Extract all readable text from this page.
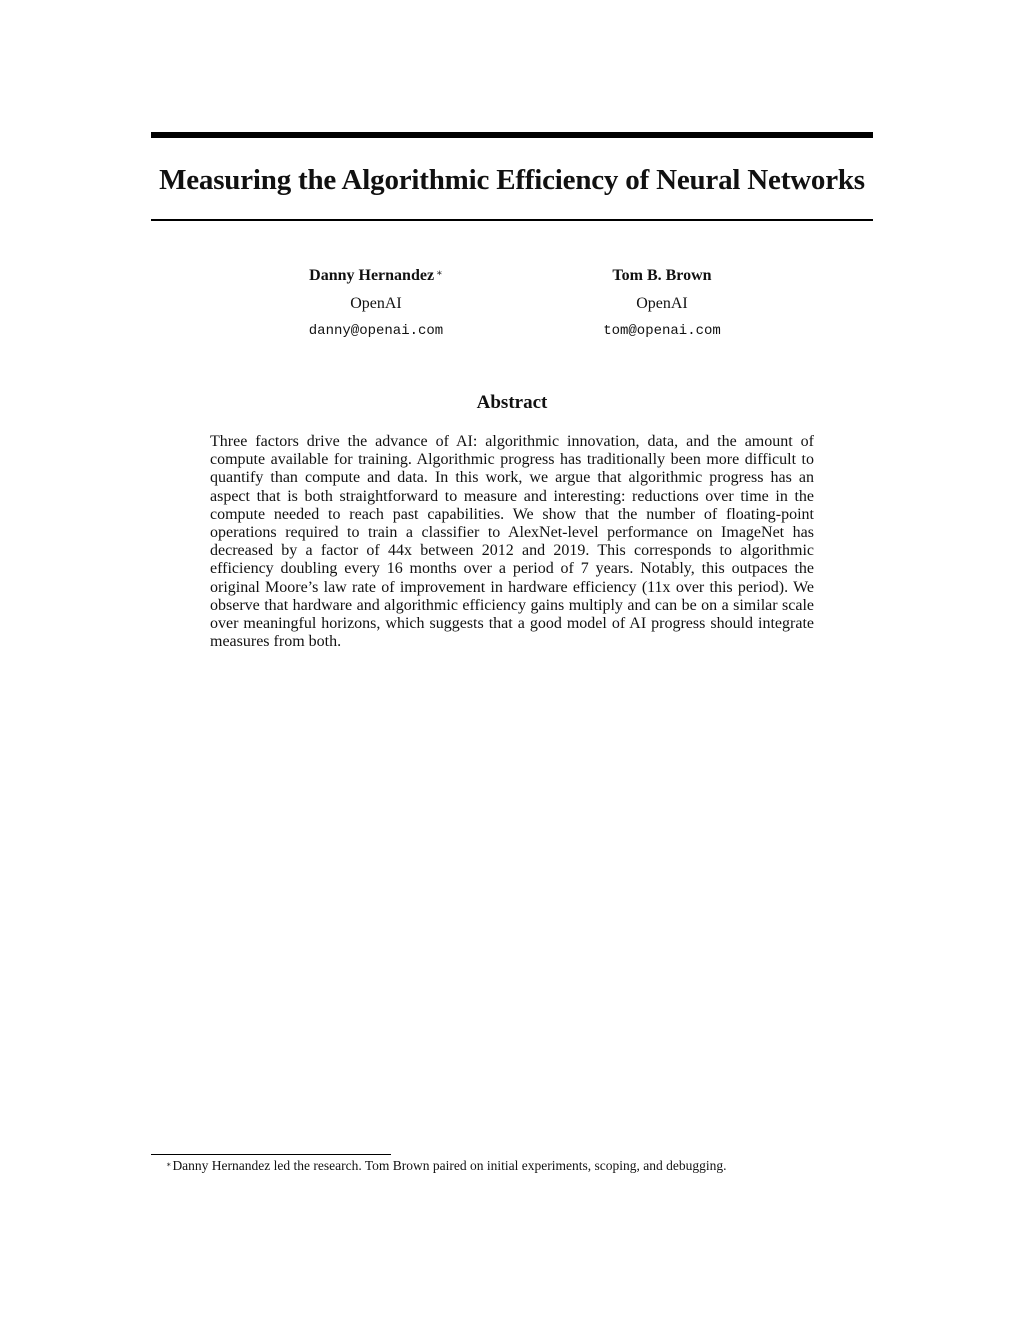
Measuring the Algorithmic Efficiency of Neural Networks
Danny Hernandez ∗
OpenAI
danny@openai.com
Tom B. Brown
OpenAI
tom@openai.com
Abstract

Three factors drive the advance of AI: algorithmic innovation, data, and the amount of compute available for training. Algorithmic progress has traditionally been more difficult to quantify than compute and data. In this work, we argue that algorithmic progress has an aspect that is both straightforward to measure and interesting: reductions over time in the compute needed to reach past capabilities. We show that the number of floating-point operations required to train a classifier to AlexNet-level performance on ImageNet has decreased by a factor of 44x between 2012 and 2019. This corresponds to algorithmic efficiency doubling every 16 months over a period of 7 years. Notably, this outpaces the original Moore’s law rate of improvement in hardware efficiency (11x over this period). We observe that hardware and algorithmic efficiency gains multiply and can be on a similar scale over meaningful horizons, which suggests that a good model of AI progress should integrate measures from both.

∗Danny Hernandez led the research. Tom Brown paired on initial experiments, scoping, and debugging.
